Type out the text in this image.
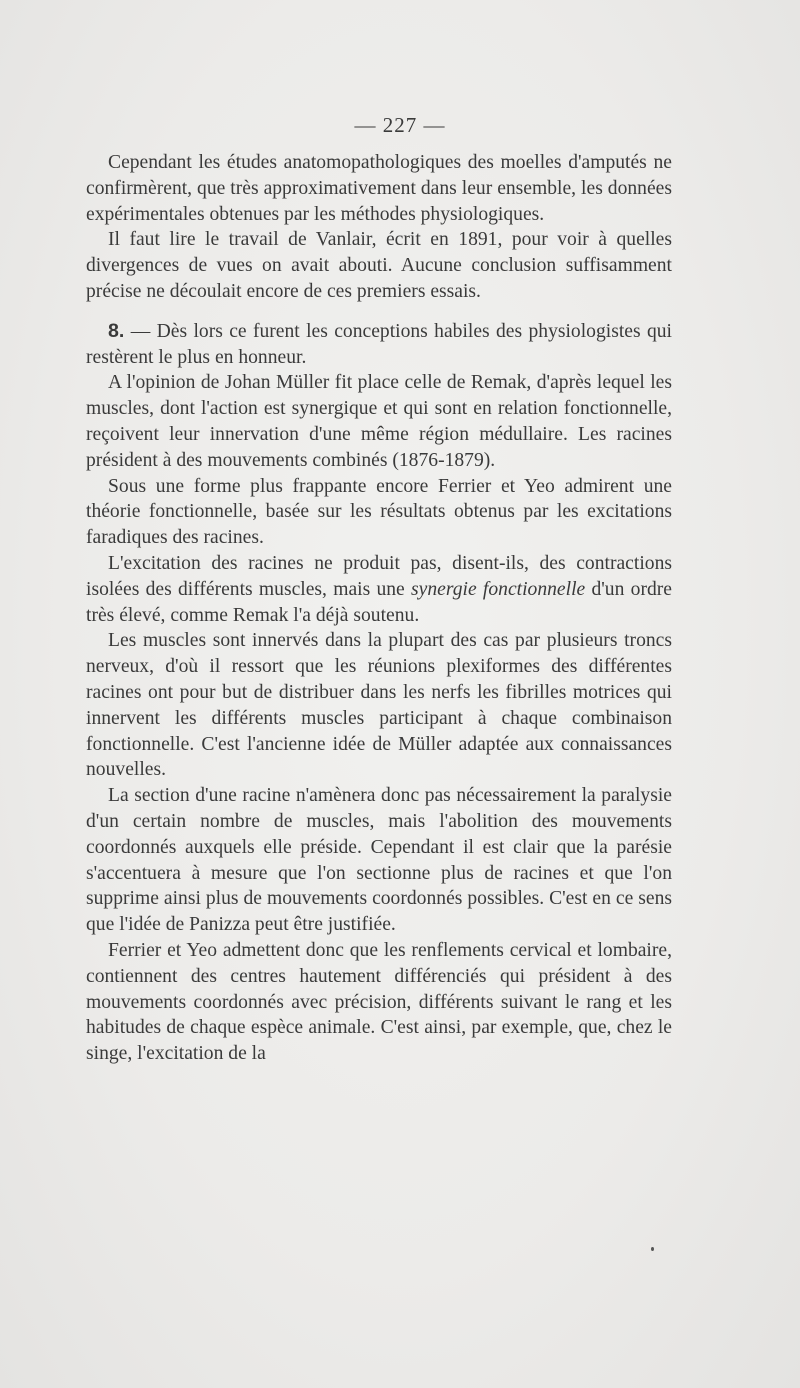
— 227 —

Cependant les études anatomopathologiques des moelles d'amputés ne confirmèrent, que très approximativement dans leur ensemble, les données expérimentales obtenues par les méthodes physiologiques.

Il faut lire le travail de Vanlair, écrit en 1891, pour voir à quelles divergences de vues on avait abouti. Aucune conclusion suffisamment précise ne découlait encore de ces premiers essais.

8. — Dès lors ce furent les conceptions habiles des physiologistes qui restèrent le plus en honneur.

A l'opinion de Johan Müller fit place celle de Remak, d'après lequel les muscles, dont l'action est synergique et qui sont en relation fonctionnelle, reçoivent leur innervation d'une même région médullaire. Les racines président à des mouvements combinés (1876-1879).

Sous une forme plus frappante encore Ferrier et Yeo admirent une théorie fonctionnelle, basée sur les résultats obtenus par les excitations faradiques des racines.

L'excitation des racines ne produit pas, disent-ils, des contractions isolées des différents muscles, mais une synergie fonctionnelle d'un ordre très élevé, comme Remak l'a déjà soutenu.

Les muscles sont innervés dans la plupart des cas par plusieurs troncs nerveux, d'où il ressort que les réunions plexiformes des différentes racines ont pour but de distribuer dans les nerfs les fibrilles motrices qui innervent les différents muscles participant à chaque combinaison fonctionnelle. C'est l'ancienne idée de Müller adaptée aux connaissances nouvelles.

La section d'une racine n'amènera donc pas nécessairement la paralysie d'un certain nombre de muscles, mais l'abolition des mouvements coordonnés auxquels elle préside. Cependant il est clair que la parésie s'accentuera à mesure que l'on sectionne plus de racines et que l'on supprime ainsi plus de mouvements coordonnés possibles. C'est en ce sens que l'idée de Panizza peut être justifiée.

Ferrier et Yeo admettent donc que les renflements cervical et lombaire, contiennent des centres hautement différenciés qui président à des mouvements coordonnés avec précision, différents suivant le rang et les habitudes de chaque espèce animale. C'est ainsi, par exemple, que, chez le singe, l'excitation de la
